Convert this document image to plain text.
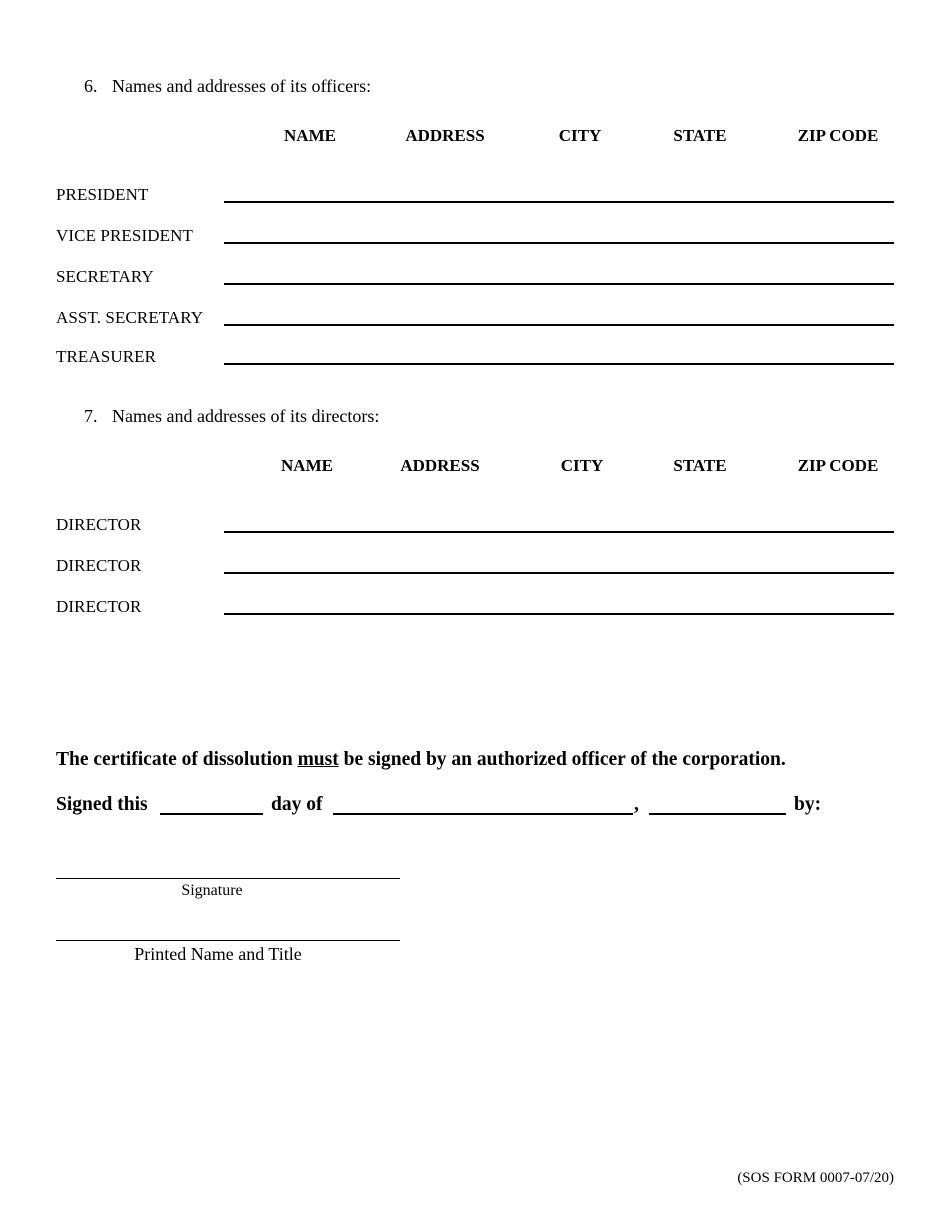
6. Names and addresses of its officers:
NAME	ADDRESS	CITY	STATE	ZIP CODE
PRESIDENT
VICE PRESIDENT
SECRETARY
ASST. SECRETARY
TREASURER
7. Names and addresses of its directors:
NAME	ADDRESS	CITY	STATE	ZIP CODE
DIRECTOR
DIRECTOR
DIRECTOR
The certificate of dissolution must be signed by an authorized officer of the corporation.
Signed this	day of	,	by:
Signature
Printed Name and Title
(SOS FORM 0007-07/20)
